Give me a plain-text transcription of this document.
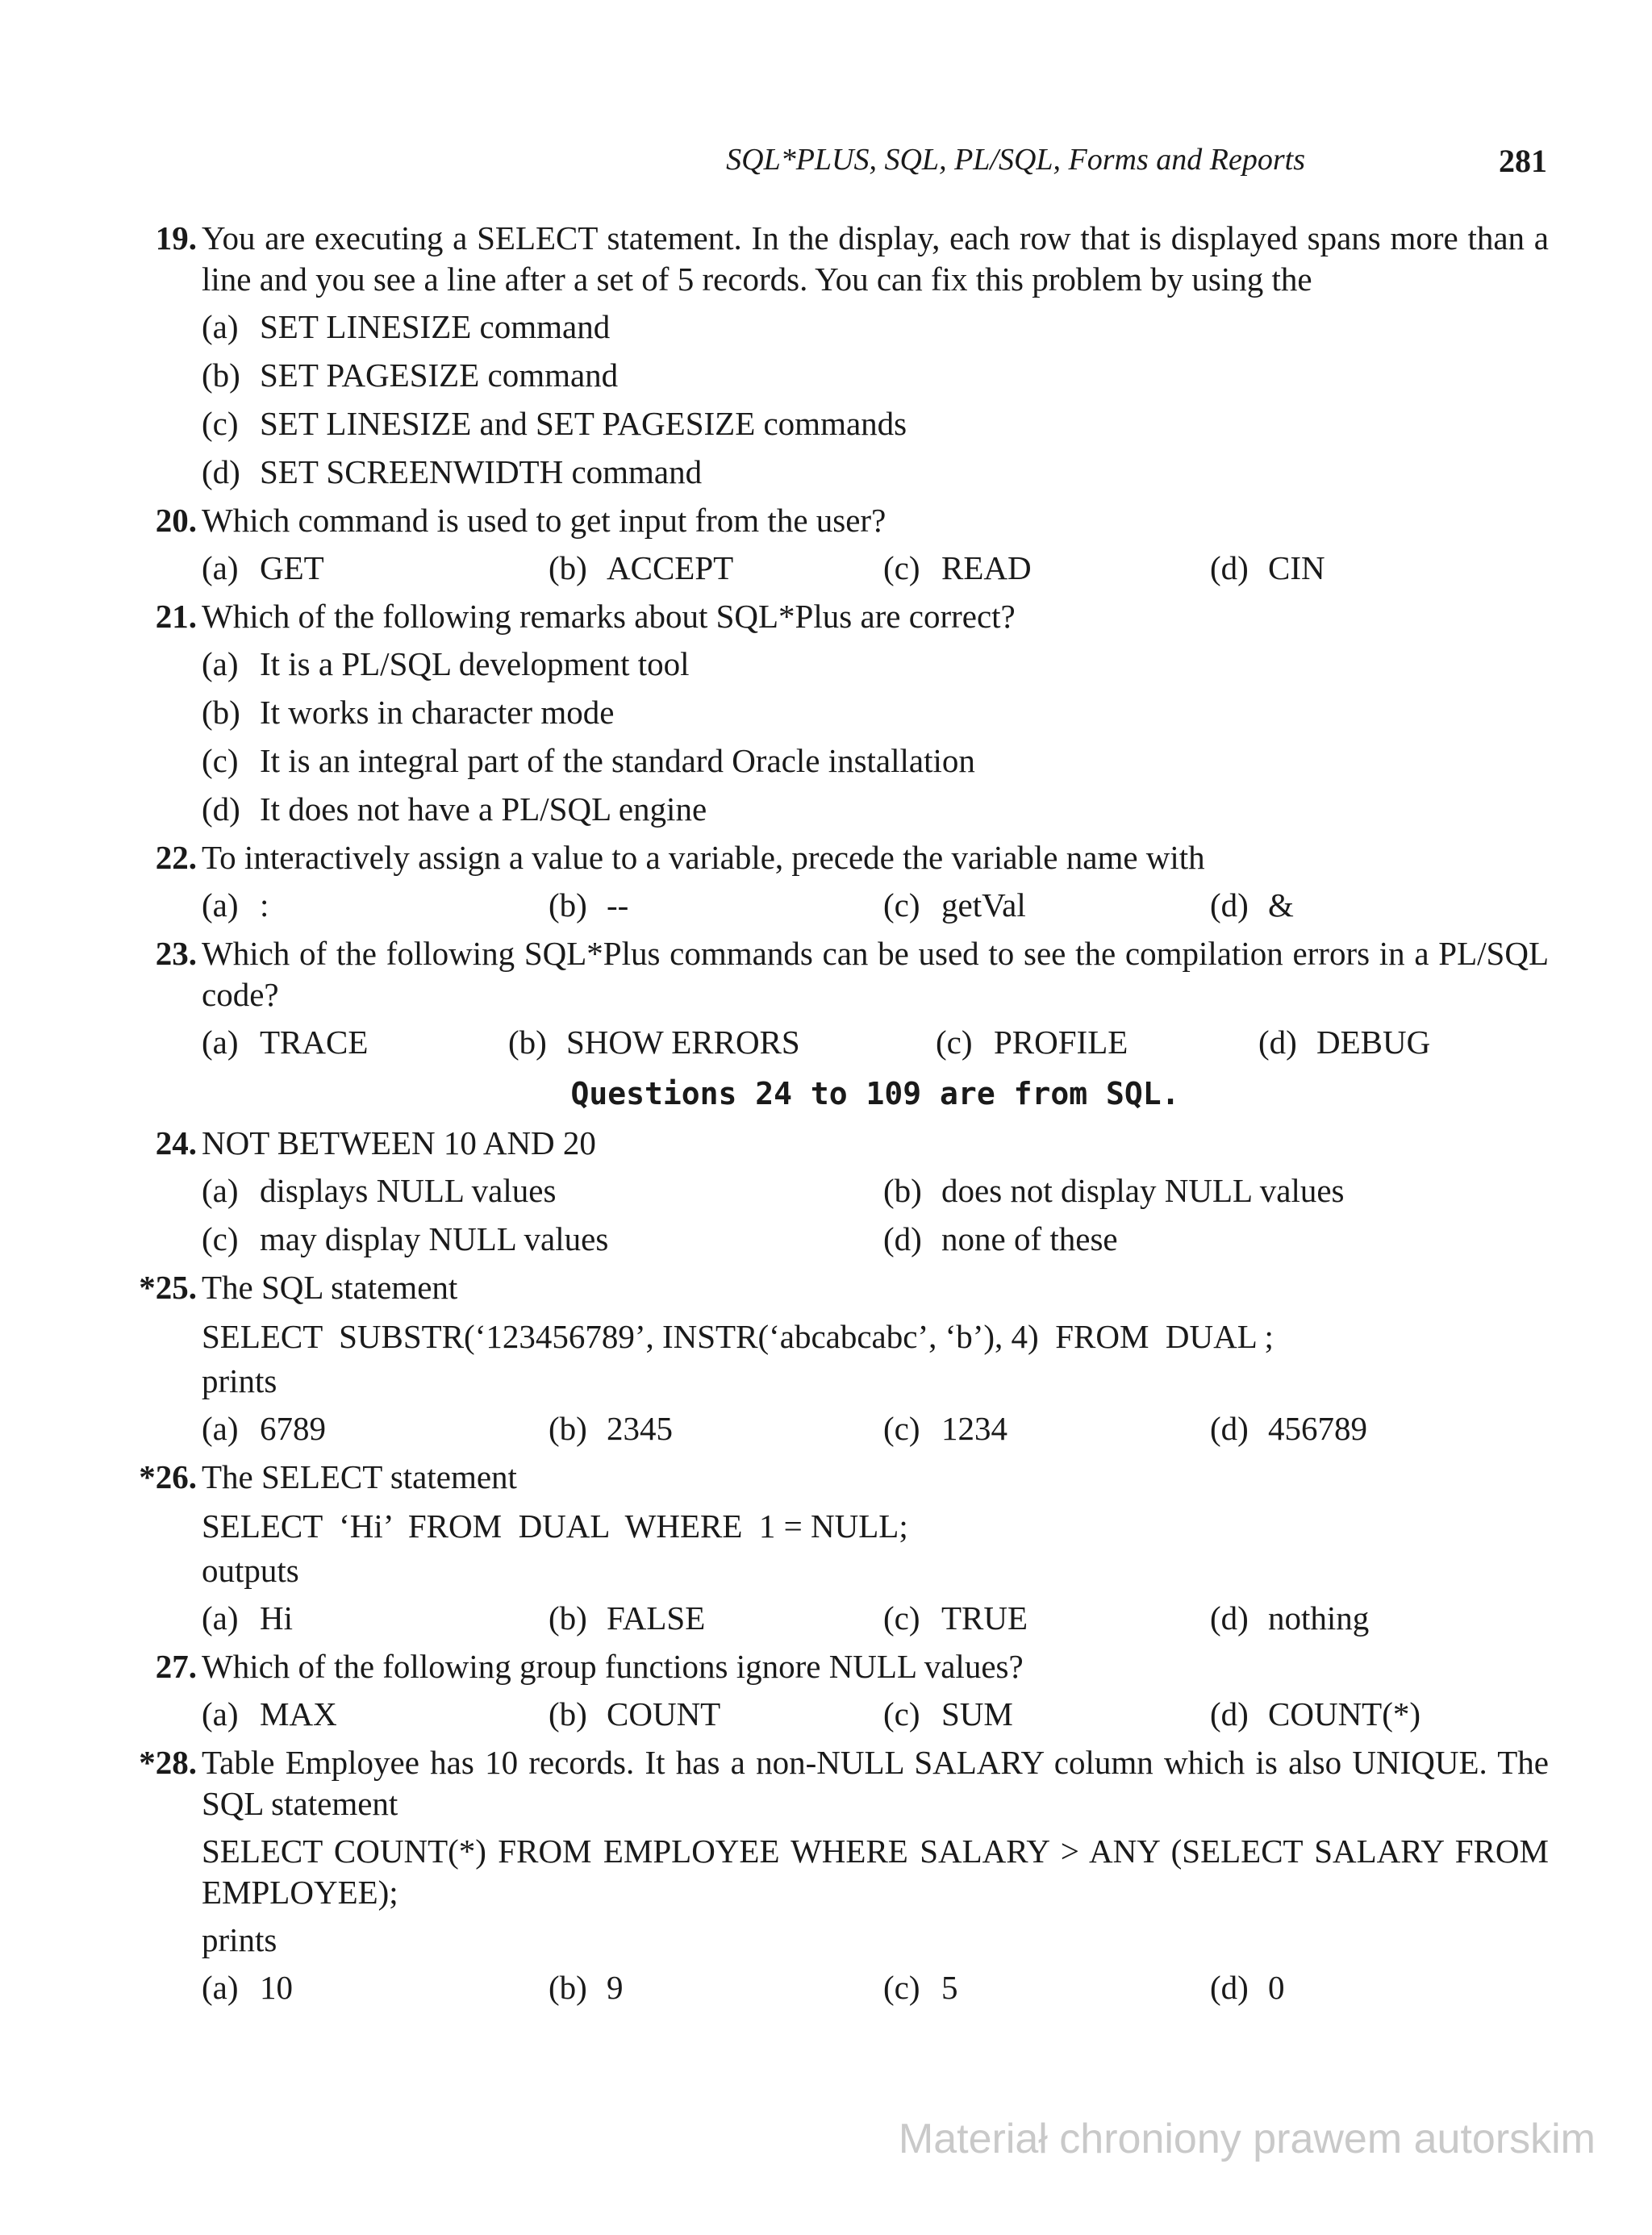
SQL*PLUS, SQL, PL/SQL, Forms and Reports	281
19. You are executing a SELECT statement. In the display, each row that is displayed spans more than a line and you see a line after a set of 5 records. You can fix this problem by using the

(a) SET LINESIZE command
(b) SET PAGESIZE command
(c) SET LINESIZE and SET PAGESIZE commands
(d) SET SCREENWIDTH command
20. Which command is used to get input from the user?

(a) GET	(b) ACCEPT	(c) READ	(d) CIN
21. Which of the following remarks about SQL*Plus are correct?

(a) It is a PL/SQL development tool
(b) It works in character mode
(c) It is an integral part of the standard Oracle installation
(d) It does not have a PL/SQL engine
22. To interactively assign a value to a variable, precede the variable name with

(a) :	(b) --	(c) getVal	(d) &
23. Which of the following SQL*Plus commands can be used to see the compilation errors in a PL/SQL code?

(a) TRACE	(b) SHOW ERRORS	(c) PROFILE	(d) DEBUG
Questions 24 to 109 are from SQL.
24. NOT BETWEEN 10 AND 20

(a) displays NULL values	(b) does not display NULL values
(c) may display NULL values	(d) none of these
*25. The SQL statement

SELECT  SUBSTR(‘123456789’, INSTR(‘abcabcabc’, ‘b’), 4)  FROM  DUAL ;

prints

(a) 6789	(b) 2345	(c) 1234	(d) 456789
*26. The SELECT statement

SELECT  ‘Hi’  FROM  DUAL  WHERE  1 = NULL;

outputs

(a) Hi	(b) FALSE	(c) TRUE	(d) nothing
27. Which of the following group functions ignore NULL values?

(a) MAX	(b) COUNT	(c) SUM	(d) COUNT(*)
*28. Table Employee has 10 records. It has a non-NULL SALARY column which is also UNIQUE. The SQL statement

SELECT COUNT(*) FROM EMPLOYEE WHERE SALARY > ANY (SELECT SALARY FROM EMPLOYEE);

prints

(a) 10	(b) 9	(c) 5	(d) 0
Materiał chroniony prawem autorskim
